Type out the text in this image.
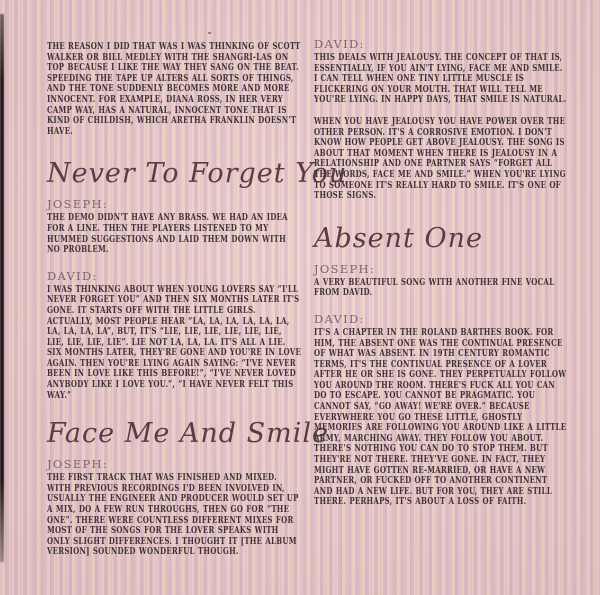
THE REASON I DID THAT WAS I WAS THINKING OF SCOTT WALKER OR BILL MEDLEY WITH THE SHANGRI-LAS ON TOP BECAUSE I LIKE THE WAY THEY SANG ON THE BEAT. SPEEDING THE TAPE UP ALTERS ALL SORTS OF THINGS, AND THE TONE SUDDENLY BECOMES MORE AND MORE INNOCENT. FOR EXAMPLE, DIANA ROSS, IN HER VERY CAMP WAY, HAS A NATURAL, INNOCENT TONE THAT IS KIND OF CHILDISH, WHICH ARETHA FRANKLIN DOESN'T HAVE.

Never To Forget You

JOSEPH:

THE DEMO DIDN'T HAVE ANY BRASS. WE HAD AN IDEA FOR A LINE. THEN THE PLAYERS LISTENED TO MY HUMMED SUGGESTIONS AND LAID THEM DOWN WITH NO PROBLEM.

DAVID:

I WAS THINKING ABOUT WHEN YOUNG LOVERS SAY “I'LL NEVER FORGET YOU” AND THEN SIX MONTHS LATER IT'S GONE. IT STARTS OFF WITH THE LITTLE GIRLS. ACTUALLY, MOST PEOPLE HEAR “LA, LA, LA, LA, LA, LA, LA, LA, LA, LA”, BUT, IT'S “LIE, LIE, LIE, LIE, LIE, LIE, LIE, LIE, LIE, LIE”. LIE NOT LA, LA, LA. IT'S ALL A LIE. SIX MONTHS LATER, THEY'RE GONE AND YOU'RE IN LOVE AGAIN. THEN YOU'RE LYING AGAIN SAYING: “I'VE NEVER BEEN IN LOVE LIKE THIS BEFORE!”, “I'VE NEVER LOVED ANYBODY LIKE I LOVE YOU.”, “I HAVE NEVER FELT THIS WAY.”

Face Me And Smile

JOSEPH:

THE FIRST TRACK THAT WAS FINISHED AND MIXED. WITH PREVIOUS RECORDINGS I'D BEEN INVOLVED IN, USUALLY THE ENGINEER AND PRODUCER WOULD SET UP A MIX, DO A FEW RUN THROUGHS, THEN GO FOR “THE ONE”. THERE WERE COUNTLESS DIFFERENT MIXES FOR MOST OF THE SONGS FOR THE LOVER SPEAKS WITH ONLY SLIGHT DIFFERENCES. I THOUGHT IT [THE ALBUM VERSION] SOUNDED WONDERFUL THOUGH.

DAVID:

THIS DEALS WITH JEALOUSY. THE CONCEPT OF THAT IS, ESSENTIALLY, IF YOU AIN'T LYING, FACE ME AND SMILE. I CAN TELL WHEN ONE TINY LITTLE MUSCLE IS FLICKERING ON YOUR MOUTH. THAT WILL TELL ME YOU'RE LYING. IN HAPPY DAYS, THAT SMILE IS NATURAL.

WHEN YOU HAVE JEALOUSY YOU HAVE POWER OVER THE OTHER PERSON. IT'S A CORROSIVE EMOTION. I DON'T KNOW HOW PEOPLE GET ABOVE JEALOUSY. THE SONG IS ABOUT THAT MOMENT WHEN THERE IS JEALOUSY IN A RELATIONSHIP AND ONE PARTNER SAYS “FORGET ALL THE WORDS, FACE ME AND SMILE.” WHEN YOU'RE LYING TO SOMEONE IT'S REALLY HARD TO SMILE. IT'S ONE OF THOSE SIGNS.

Absent One

JOSEPH:

A VERY BEAUTIFUL SONG WITH ANOTHER FINE VOCAL FROM DAVID.

DAVID:

IT'S A CHAPTER IN THE ROLAND BARTHES BOOK. FOR HIM, THE ABSENT ONE WAS THE CONTINUAL PRESENCE OF WHAT WAS ABSENT. IN 19TH CENTURY ROMANTIC TERMS, IT'S THE CONTINUAL PRESENCE OF A LOVER AFTER HE OR SHE IS GONE. THEY PERPETUALLY FOLLOW YOU AROUND THE ROOM. THERE'S FUCK ALL YOU CAN DO TO ESCAPE. YOU CANNOT BE PRAGMATIC. YOU CANNOT SAY, “GO AWAY! WE'RE OVER.” BECAUSE EVERYWHERE YOU GO THESE LITTLE, GHOSTLY MEMORIES ARE FOLLOWING YOU AROUND LIKE A LITTLE ARMY, MARCHING AWAY. THEY FOLLOW YOU ABOUT. THERE'S NOTHING YOU CAN DO TO STOP THEM. BUT THEY'RE NOT THERE. THEY'VE GONE. IN FACT, THEY MIGHT HAVE GOTTEN RE-MARRIED, OR HAVE A NEW PARTNER, OR FUCKED OFF TO ANOTHER CONTINENT AND HAD A NEW LIFE. BUT FOR YOU, THEY ARE STILL THERE. PERHAPS, IT'S ABOUT A LOSS OF FAITH.
